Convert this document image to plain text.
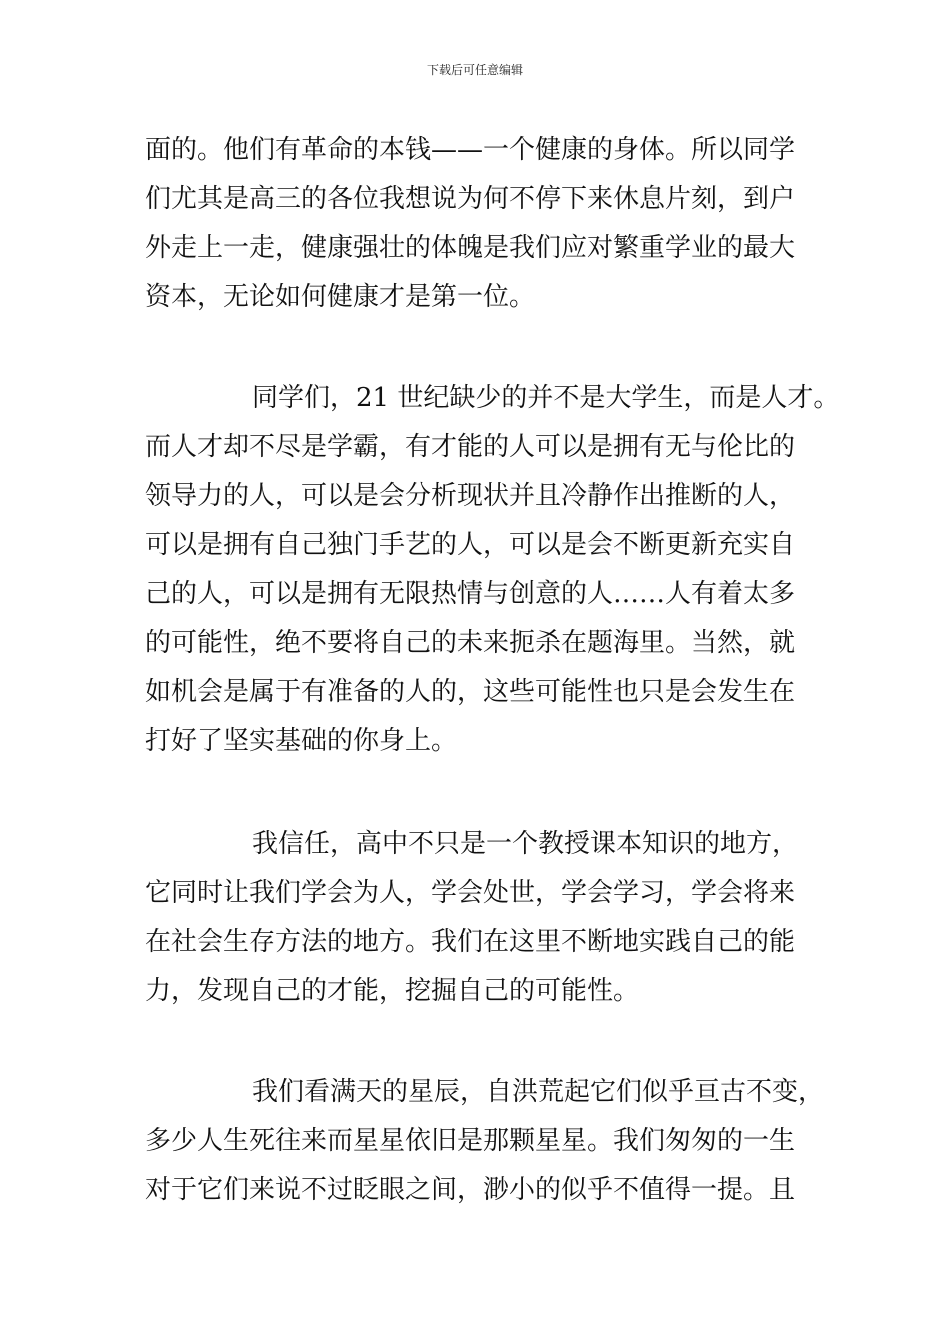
下载后可任意编辑
面的。他们有革命的本钱——一个健康的身体。所以同学
们尤其是高三的各位我想说为何不停下来休息片刻，到户
外走上一走，健康强壮的体魄是我们应对繁重学业的最大
资本，无论如何健康才是第一位。
同学们，21 世纪缺少的并不是大学生，而是人才。
而人才却不尽是学霸，有才能的人可以是拥有无与伦比的
领导力的人，可以是会分析现状并且冷静作出推断的人，
可以是拥有自己独门手艺的人，可以是会不断更新充实自
己的人，可以是拥有无限热情与创意的人……人有着太多
的可能性，绝不要将自己的未来扼杀在题海里。当然，就
如机会是属于有准备的人的，这些可能性也只是会发生在
打好了坚实基础的你身上。
我信任，高中不只是一个教授课本知识的地方，
它同时让我们学会为人，学会处世，学会学习，学会将来
在社会生存方法的地方。我们在这里不断地实践自己的能
力，发现自己的才能，挖掘自己的可能性。
我们看满天的星辰，自洪荒起它们似乎亘古不变，
多少人生死往来而星星依旧是那颗星星。我们匆匆的一生
对于它们来说不过眨眼之间，渺小的似乎不值得一提。且
